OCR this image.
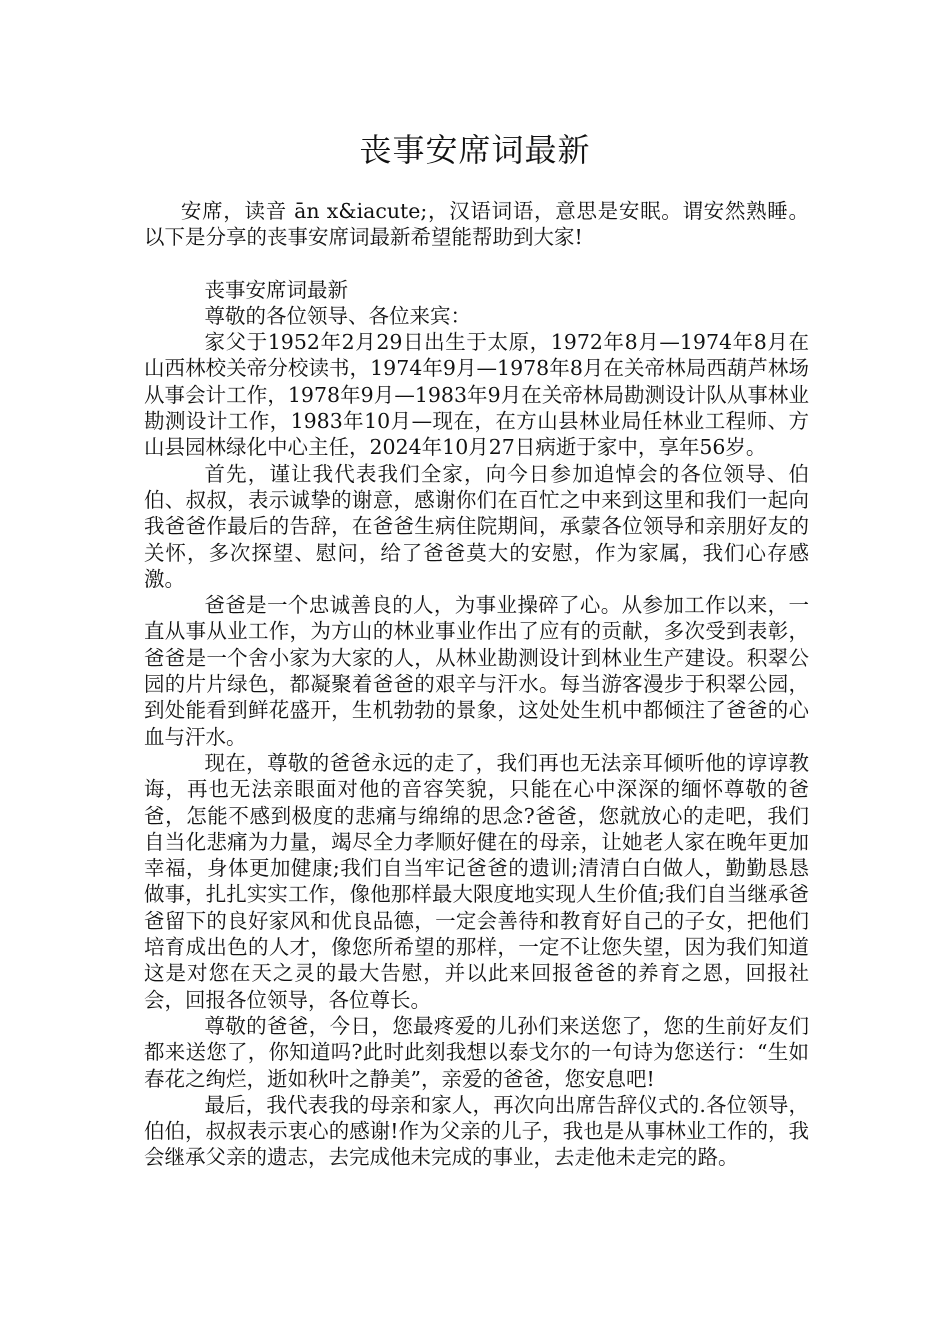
丧事安席词最新

安席，读音 ān x&iacute;，汉语词语，意思是安眠。谓安然熟睡。以下是分享的丧事安席词最新希望能帮助到大家!

丧事安席词最新

尊敬的各位领导、各位来宾：

家父于1952年2月29日出生于太原，1972年8月—1974年8月在山西林校关帝分校读书，1974年9月—1978年8月在关帝林局西葫芦林场从事会计工作，1978年9月—1983年9月在关帝林局勘测设计队从事林业勘测设计工作，1983年10月—现在，在方山县林业局任林业工程师、方山县园林绿化中心主任，2024年10月27日病逝于家中，享年56岁。

首先，谨让我代表我们全家，向今日参加追悼会的各位领导、伯伯、叔叔，表示诚挚的谢意，感谢你们在百忙之中来到这里和我们一起向我爸爸作最后的告辞，在爸爸生病住院期间，承蒙各位领导和亲朋好友的关怀，多次探望、慰问，给了爸爸莫大的安慰，作为家属，我们心存感激。

爸爸是一个忠诚善良的人，为事业操碎了心。从参加工作以来，一直从事从业工作，为方山的林业事业作出了应有的贡献，多次受到表彰，爸爸是一个舍小家为大家的人，从林业勘测设计到林业生产建设。积翠公园的片片绿色，都凝聚着爸爸的艰辛与汗水。每当游客漫步于积翠公园，到处能看到鲜花盛开，生机勃勃的景象，这处处生机中都倾注了爸爸的心血与汗水。

现在，尊敬的爸爸永远的走了，我们再也无法亲耳倾听他的谆谆教诲，再也无法亲眼面对他的音容笑貌，只能在心中深深的缅怀尊敬的爸爸，怎能不感到极度的悲痛与绵绵的思念?爸爸，您就放心的走吧，我们自当化悲痛为力量，竭尽全力孝顺好健在的母亲，让她老人家在晚年更加幸福，身体更加健康;我们自当牢记爸爸的遗训;清清白白做人，勤勤恳恳做事，扎扎实实工作，像他那样最大限度地实现人生价值;我们自当继承爸爸留下的良好家风和优良品德，一定会善待和教育好自己的子女，把他们培育成出色的人才，像您所希望的那样，一定不让您失望，因为我们知道这是对您在天之灵的最大告慰，并以此来回报爸爸的养育之恩，回报社会，回报各位领导，各位尊长。

尊敬的爸爸，今日，您最疼爱的儿孙们来送您了，您的生前好友们都来送您了，你知道吗?此时此刻我想以泰戈尔的一句诗为您送行：“生如春花之绚烂，逝如秋叶之静美”，亲爱的爸爸，您安息吧!

最后，我代表我的母亲和家人，再次向出席告辞仪式的.各位领导，伯伯，叔叔表示衷心的感谢!作为父亲的儿子，我也是从事林业工作的，我会继承父亲的遗志，去完成他未完成的事业，去走他未走完的路。
